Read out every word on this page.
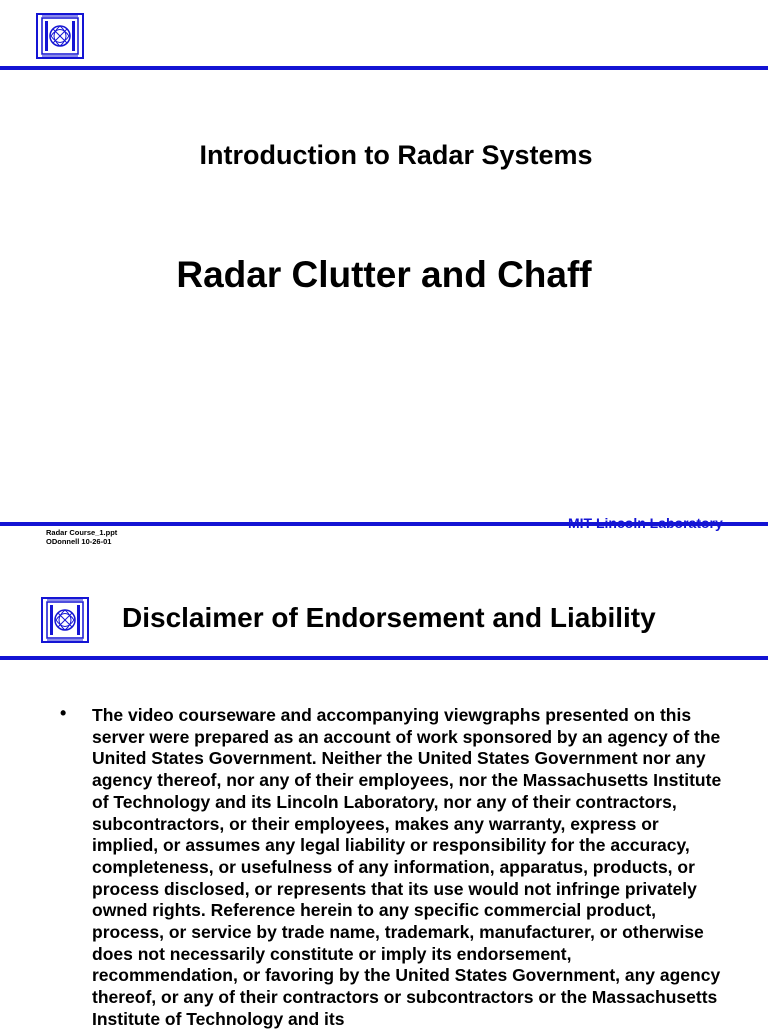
Introduction to Radar Systems
Radar Clutter and Chaff
Radar Course_1.ppt
ODonnell 10-26-01
Disclaimer of Endorsement and Liability
• The video courseware and accompanying viewgraphs presented on this server were prepared as an account of work sponsored by an agency of the United States Government. Neither the United States Government nor any agency thereof, nor any of their employees, nor the Massachusetts Institute of Technology and its Lincoln Laboratory, nor any of their contractors, subcontractors, or their employees, makes any warranty, express or implied, or assumes any legal liability or responsibility for the accuracy, completeness, or usefulness of any information, apparatus, products, or process disclosed, or represents that its use would not infringe privately owned rights. Reference herein to any specific commercial product, process, or service by trade name, trademark, manufacturer, or otherwise does not necessarily constitute or imply its endorsement, recommendation, or favoring by the United States Government, any agency thereof, or any of their contractors or subcontractors or the Massachusetts Institute of Technology and its
